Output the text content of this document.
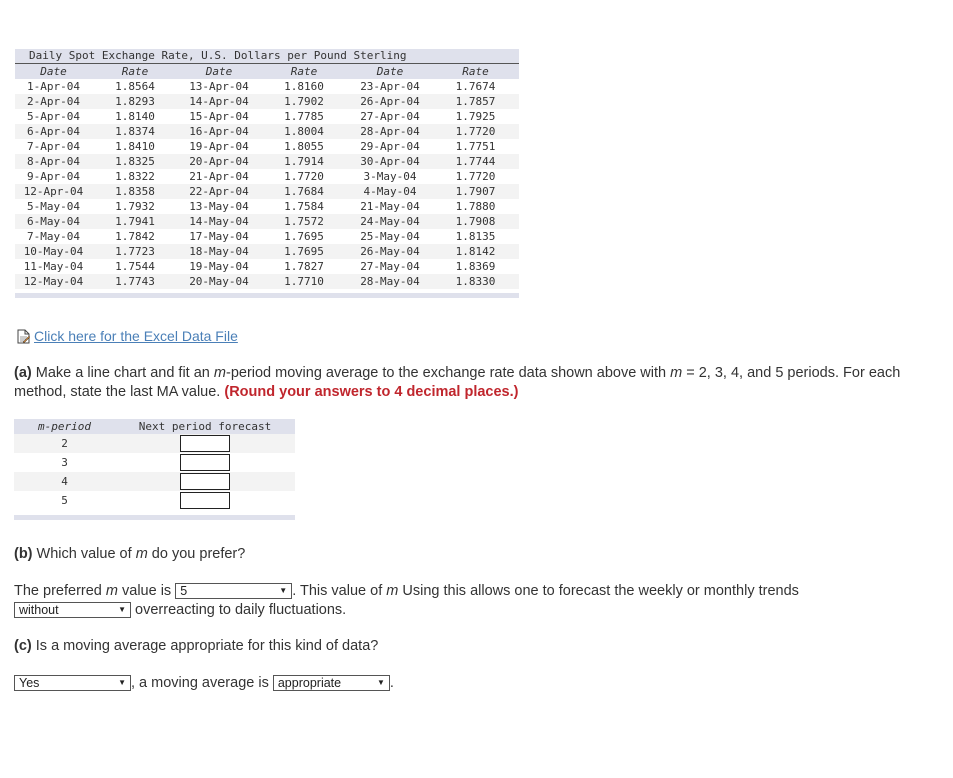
Daily Spot Exchange Rate, U.S. Dollars per Pound Sterling
Date	Rate	Date	Rate	Date	Rate
1-Apr-04	1.8564	13-Apr-04	1.8160	23-Apr-04	1.7674
2-Apr-04	1.8293	14-Apr-04	1.7902	26-Apr-04	1.7857
5-Apr-04	1.8140	15-Apr-04	1.7785	27-Apr-04	1.7925
6-Apr-04	1.8374	16-Apr-04	1.8004	28-Apr-04	1.7720
7-Apr-04	1.8410	19-Apr-04	1.8055	29-Apr-04	1.7751
8-Apr-04	1.8325	20-Apr-04	1.7914	30-Apr-04	1.7744
9-Apr-04	1.8322	21-Apr-04	1.7720	3-May-04	1.7720
12-Apr-04	1.8358	22-Apr-04	1.7684	4-May-04	1.7907
5-May-04	1.7932	13-May-04	1.7584	21-May-04	1.7880
6-May-04	1.7941	14-May-04	1.7572	24-May-04	1.7908
7-May-04	1.7842	17-May-04	1.7695	25-May-04	1.8135
10-May-04	1.7723	18-May-04	1.7695	26-May-04	1.8142
11-May-04	1.7544	19-May-04	1.7827	27-May-04	1.8369
12-May-04	1.7743	20-May-04	1.7710	28-May-04	1.8330
Click here for the Excel Data File
(a) Make a line chart and fit an m-period moving average to the exchange rate data shown above with m = 2, 3, 4, and 5 periods. For each method, state the last MA value. (Round your answers to 4 decimal places.)
m-period	Next period forecast
2
3
4
5
(b) Which value of m do you prefer?
The preferred m value is 5	▼ . This value of m Using this allows one to forecast the weekly or monthly trends

without	▼ overreacting to daily fluctuations.
(c) Is a moving average appropriate for this kind of data?
Yes	▼ , a moving average is appropriate	▼ .
